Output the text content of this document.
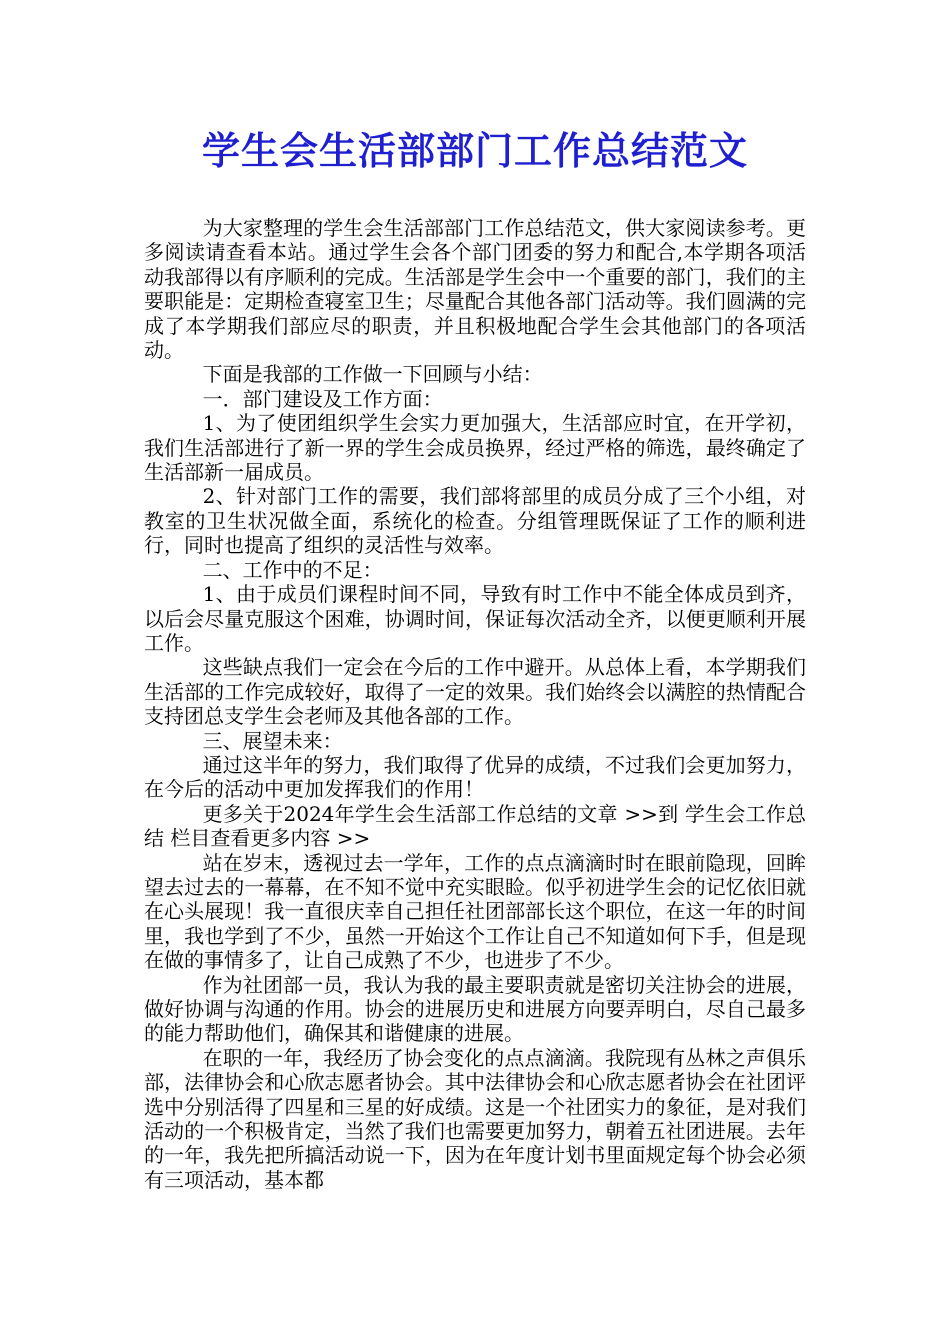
学生会生活部部门工作总结范文

为大家整理的学生会生活部部门工作总结范文，供大家阅读参考。更多阅读请查看本站。通过学生会各个部门团委的努力和配合,本学期各项活动我部得以有序顺利的完成。生活部是学生会中一个重要的部门，我们的主要职能是：定期检查寝室卫生；尽量配合其他各部门活动等。我们圆满的完成了本学期我们部应尽的职责，并且积极地配合学生会其他部门的各项活动。

下面是我部的工作做一下回顾与小结：

一．部门建设及工作方面：

1、为了使团组织学生会实力更加强大，生活部应时宜，在开学初，我们生活部进行了新一界的学生会成员换界，经过严格的筛选，最终确定了生活部新一届成员。

2、针对部门工作的需要，我们部将部里的成员分成了三个小组，对教室的卫生状况做全面，系统化的检查。分组管理既保证了工作的顺利进行，同时也提高了组织的灵活性与效率。

二、工作中的不足：

1、由于成员们课程时间不同，导致有时工作中不能全体成员到齐，以后会尽量克服这个困难，协调时间，保证每次活动全齐，以便更顺利开展工作。

这些缺点我们一定会在今后的工作中避开。从总体上看，本学期我们生活部的工作完成较好，取得了一定的效果。我们始终会以满腔的热情配合支持团总支学生会老师及其他各部的工作。

三、展望未来：

通过这半年的努力，我们取得了优异的成绩，不过我们会更加努力，在今后的活动中更加发挥我们的作用！

更多关于2024年学生会生活部工作总结的文章 >>到 学生会工作总结 栏目查看更多内容 >>

站在岁末，透视过去一学年，工作的点点滴滴时时在眼前隐现，回眸望去过去的一幕幕，在不知不觉中充实眼睑。似乎初进学生会的记忆依旧就在心头展现！我一直很庆幸自己担任社团部部长这个职位，在这一年的时间里，我也学到了不少，虽然一开始这个工作让自己不知道如何下手，但是现在做的事情多了，让自己成熟了不少，也进步了不少。

作为社团部一员，我认为我的最主要职责就是密切关注协会的进展，做好协调与沟通的作用。协会的进展历史和进展方向要弄明白，尽自己最多的能力帮助他们，确保其和谐健康的进展。

在职的一年，我经历了协会变化的点点滴滴。我院现有丛林之声俱乐部，法律协会和心欣志愿者协会。其中法律协会和心欣志愿者协会在社团评选中分别活得了四星和三星的好成绩。这是一个社团实力的象征，是对我们活动的一个积极肯定，当然了我们也需要更加努力，朝着五社团进展。去年的一年，我先把所搞活动说一下，因为在年度计划书里面规定每个协会必须有三项活动，基本都
